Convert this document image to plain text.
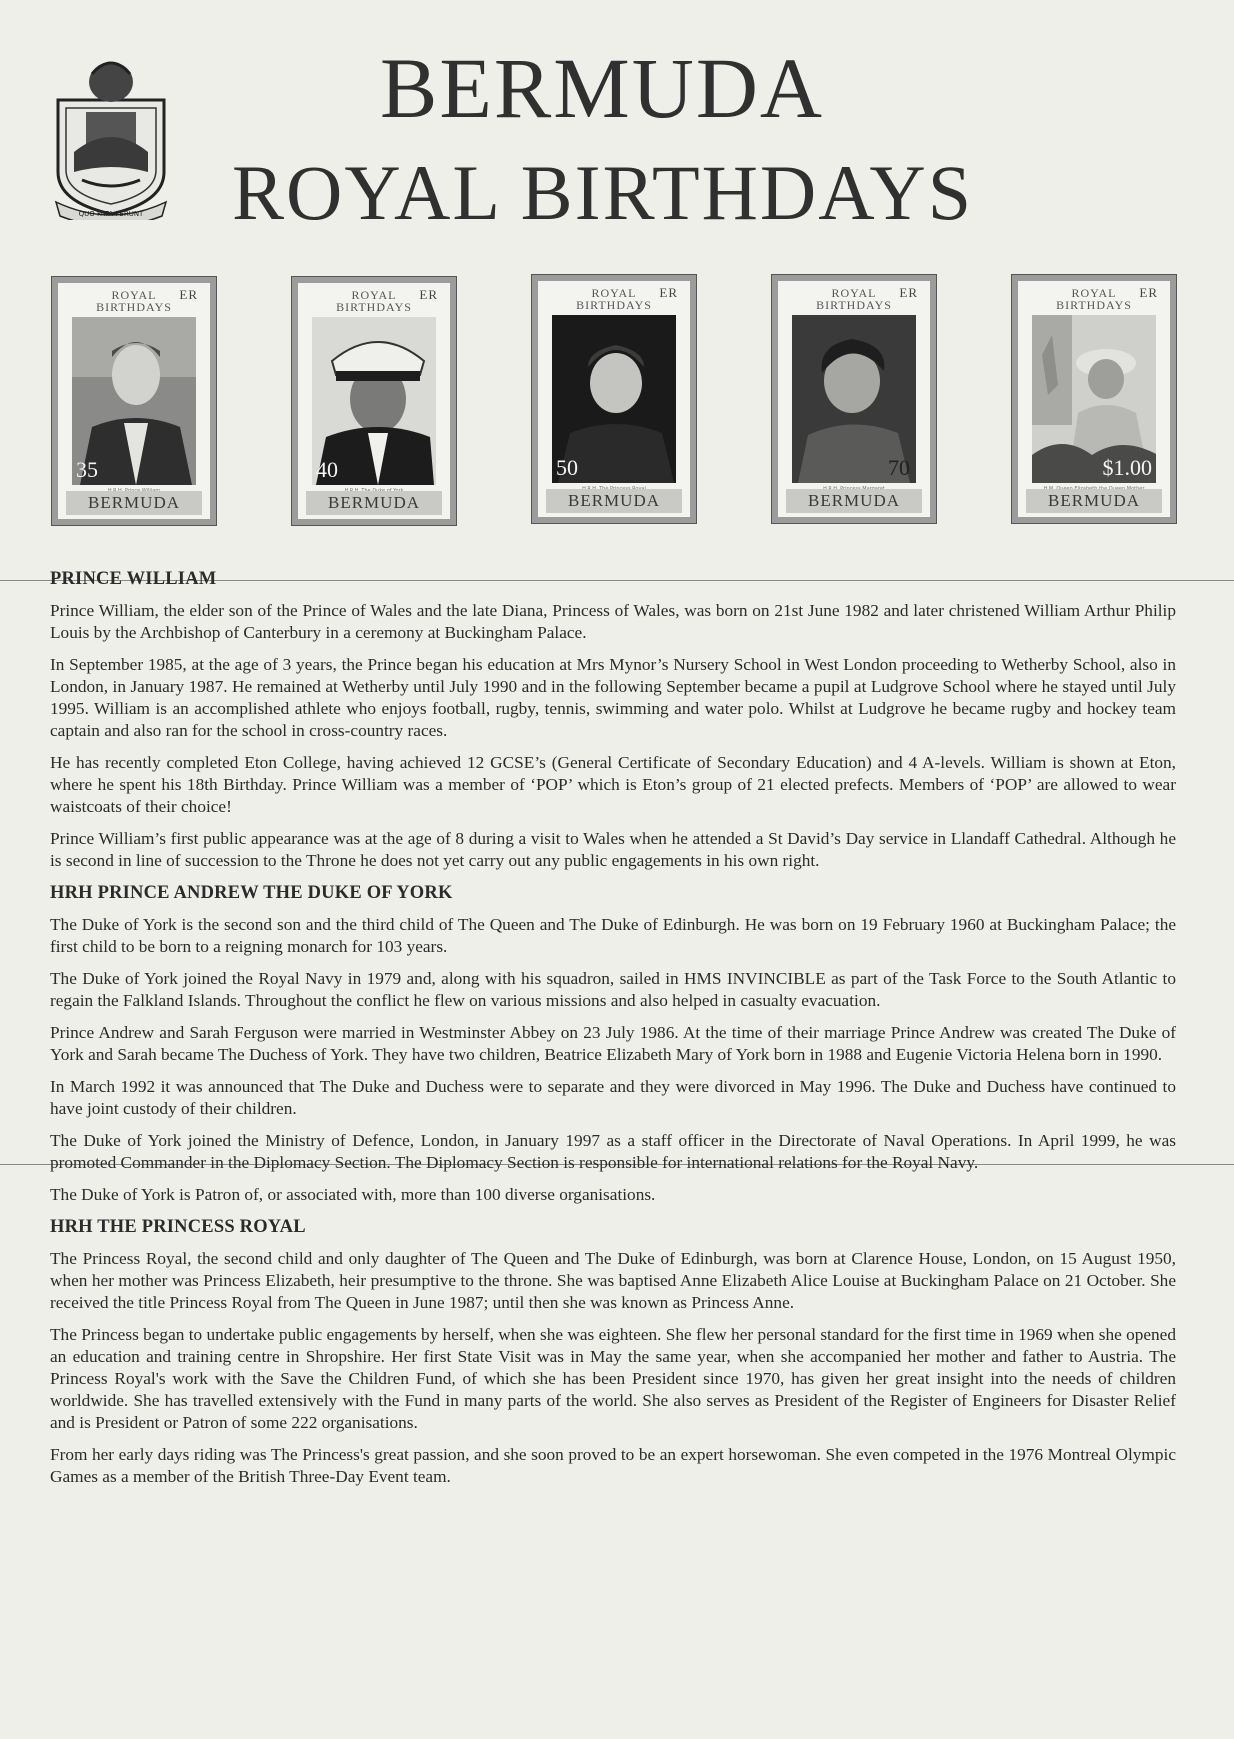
QUO FATA FERUNT
BERMUDA
ROYAL BIRTHDAYS
ROYAL
BIRTHDAYS
ER
35
BERMUDA
ROYAL
BIRTHDAYS
ER
40
BERMUDA
ROYAL
BIRTHDAYS
ER
50
BERMUDA
ROYAL
BIRTHDAYS
ER
70
BERMUDA
ROYAL
BIRTHDAYS
ER
$1.00
BERMUDA
PRINCE WILLIAM

Prince William, the elder son of the Prince of Wales and the late Diana, Princess of Wales, was born on 21st June 1982 and later christened William Arthur Philip Louis by the Archbishop of Canterbury in a ceremony at Buckingham Palace.

In September 1985, at the age of 3 years, the Prince began his education at Mrs Mynor’s Nursery School in West London proceeding to Wetherby School, also in London, in January 1987. He remained at Wetherby until July 1990 and in the following September became a pupil at Ludgrove School where he stayed until July 1995. William is an accomplished athlete who enjoys football, rugby, tennis, swimming and water polo. Whilst at Ludgrove he became rugby and hockey team captain and also ran for the school in cross-country races.

He has recently completed Eton College, having achieved 12 GCSE’s (General Certificate of Secondary Education) and 4 A-levels. William is shown at Eton, where he spent his 18th Birthday. Prince William was a member of ‘POP’ which is Eton’s group of 21 elected prefects. Members of ‘POP’ are allowed to wear waistcoats of their choice!

Prince William’s first public appearance was at the age of 8 during a visit to Wales when he attended a St David’s Day service in Llandaff Cathedral. Although he is second in line of succession to the Throne he does not yet carry out any public engagements in his own right.

HRH PRINCE ANDREW THE DUKE OF YORK

The Duke of York is the second son and the third child of The Queen and The Duke of Edinburgh. He was born on 19 February 1960 at Buckingham Palace; the first child to be born to a reigning monarch for 103 years.

The Duke of York joined the Royal Navy in 1979 and, along with his squadron, sailed in HMS INVINCIBLE as part of the Task Force to the South Atlantic to regain the Falkland Islands. Throughout the conflict he flew on various missions and also helped in casualty evacuation.

Prince Andrew and Sarah Ferguson were married in Westminster Abbey on 23 July 1986. At the time of their marriage Prince Andrew was created The Duke of York and Sarah became The Duchess of York. They have two children, Beatrice Elizabeth Mary of York born in 1988 and Eugenie Victoria Helena born in 1990.

In March 1992 it was announced that The Duke and Duchess were to separate and they were divorced in May 1996. The Duke and Duchess have continued to have joint custody of their children.

The Duke of York joined the Ministry of Defence, London, in January 1997 as a staff officer in the Directorate of Naval Operations. In April 1999, he was promoted Commander in the Diplomacy Section. The Diplomacy Section is responsible for international relations for the Royal Navy.

The Duke of York is Patron of, or associated with, more than 100 diverse organisations.

HRH THE PRINCESS ROYAL

The Princess Royal, the second child and only daughter of The Queen and The Duke of Edinburgh, was born at Clarence House, London, on 15 August 1950, when her mother was Princess Elizabeth, heir presumptive to the throne. She was baptised Anne Elizabeth Alice Louise at Buckingham Palace on 21 October. She received the title Princess Royal from The Queen in June 1987; until then she was known as Princess Anne.

The Princess began to undertake public engagements by herself, when she was eighteen. She flew her personal standard for the first time in 1969 when she opened an education and training centre in Shropshire. Her first State Visit was in May the same year, when she accompanied her mother and father to Austria. The Princess Royal's work with the Save the Children Fund, of which she has been President since 1970, has given her great insight into the needs of children worldwide. She has travelled extensively with the Fund in many parts of the world. She also serves as President of the Register of Engineers for Disaster Relief and is President or Patron of some 222 organisations.

From her early days riding was The Princess's great passion, and she soon proved to be an expert horsewoman. She even competed in the 1976 Montreal Olympic Games as a member of the British Three-Day Event team.
